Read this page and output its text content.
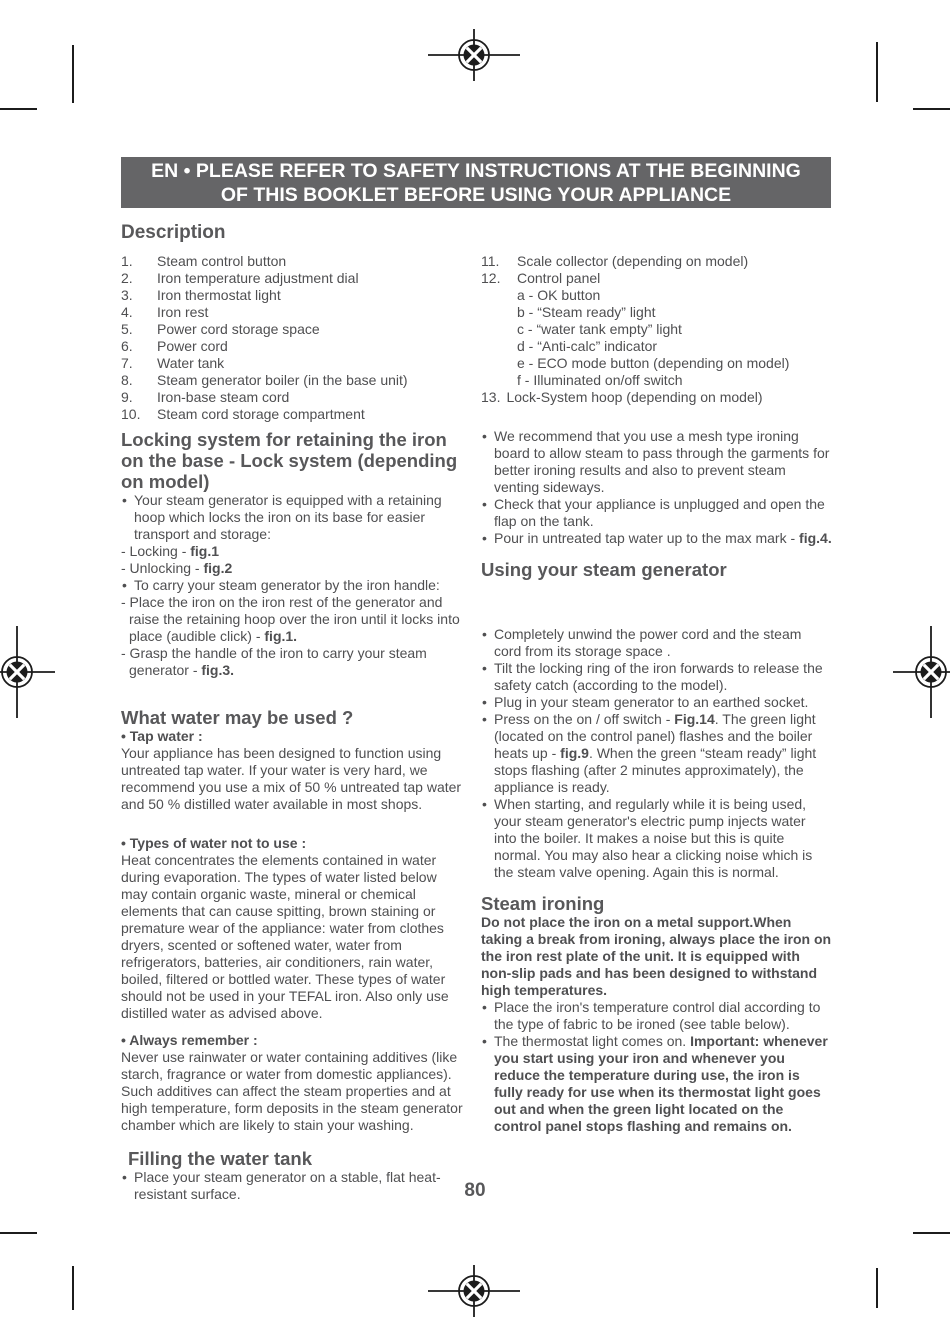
EN • PLEASE REFER TO SAFETY INSTRUCTIONS AT THE BEGINNING
OF THIS BOOKLET BEFORE USING YOUR APPLIANCE
Description
1.	Steam control button
2.	Iron temperature adjustment dial
3.	Iron thermostat light
4.	Iron rest
5.	Power cord storage space
6.	Power cord
7.	Water tank
8.	Steam generator boiler (in the base unit)
9.	Iron-base steam cord
10.	Steam cord storage compartment
Locking system for retaining the iron on the base - Lock system (depending on model)
• Your steam generator is equipped with a retaining hoop which locks the iron on its base for easier transport and storage:
- Locking - fig.1
- Unlocking - fig.2
• To carry your steam generator by the iron handle:
- Place the iron on the iron rest of the generator and raise the retaining hoop over the iron until it locks into place (audible click) - fig.1.
- Grasp the handle of the iron to carry your steam generator - fig.3.
What water may be used ?
• Tap water :

Your appliance has been designed to function using untreated tap water. If your water is very hard, we recommend you use a mix of 50 % untreated tap water and 50 % distilled water available in most shops.

• Types of water not to use :

Heat concentrates the elements contained in water during evaporation. The types of water listed below may contain organic waste, mineral or chemical elements that can cause spitting, brown staining or premature wear of the appliance: water from clothes dryers, scented or softened water, water from refrigerators, batteries, air conditioners, rain water, boiled, filtered or bottled water. These types of water should not be used in your TEFAL iron. Also only use distilled water as advised above.

• Always remember :

Never use rainwater or water containing additives (like starch, fragrance or water from domestic appliances). Such additives can affect the steam properties and at high temperature, form deposits in the steam generator chamber which are likely to stain your washing.

Filling the water tank
• Place your steam generator on a stable, flat heat-resistant surface.
11.	Scale collector (depending on model)
12.	Control panel
a - OK button
b - “Steam ready” light
c - “water tank empty” light
d - “Anti-calc” indicator
e - ECO mode button (depending on model)
f - Illuminated on/off switch
13. Lock-System hoop (depending on model)
• We recommend that you use a mesh type ironing board to allow steam to pass through the garments for better ironing results and also to prevent steam venting sideways.
• Check that your appliance is unplugged and open the flap on the tank.
• Pour in untreated tap water up to the max mark - fig.4.
Using your steam generator
• Completely unwind the power cord and the steam cord from its storage space .
• Tilt the locking ring of the iron forwards to release the safety catch (according to the model).
• Plug in your steam generator to an earthed socket.
• Press on the on / off switch - Fig.14. The green light (located on the control panel) flashes and the boiler heats up - fig.9. When the green “steam ready” light stops flashing (after 2 minutes approximately), the appliance is ready.
• When starting, and regularly while it is being used, your steam generator's electric pump injects water into the boiler. It makes a noise but this is quite normal. You may also hear a clicking noise which is the steam valve opening. Again this is normal.
Steam ironing

Do not place the iron on a metal support.When taking a break from ironing, always place the iron on the iron rest plate of the unit. It is equipped with non-slip pads and has been designed to withstand high temperatures.

• Place the iron's temperature control dial according to the type of fabric to be ironed (see table below).
• The thermostat light comes on. Important: whenever you start using your iron and whenever you reduce the temperature during use, the iron is fully ready for use when its thermostat light goes out and when the green light located on the control panel stops flashing and remains on.
80
